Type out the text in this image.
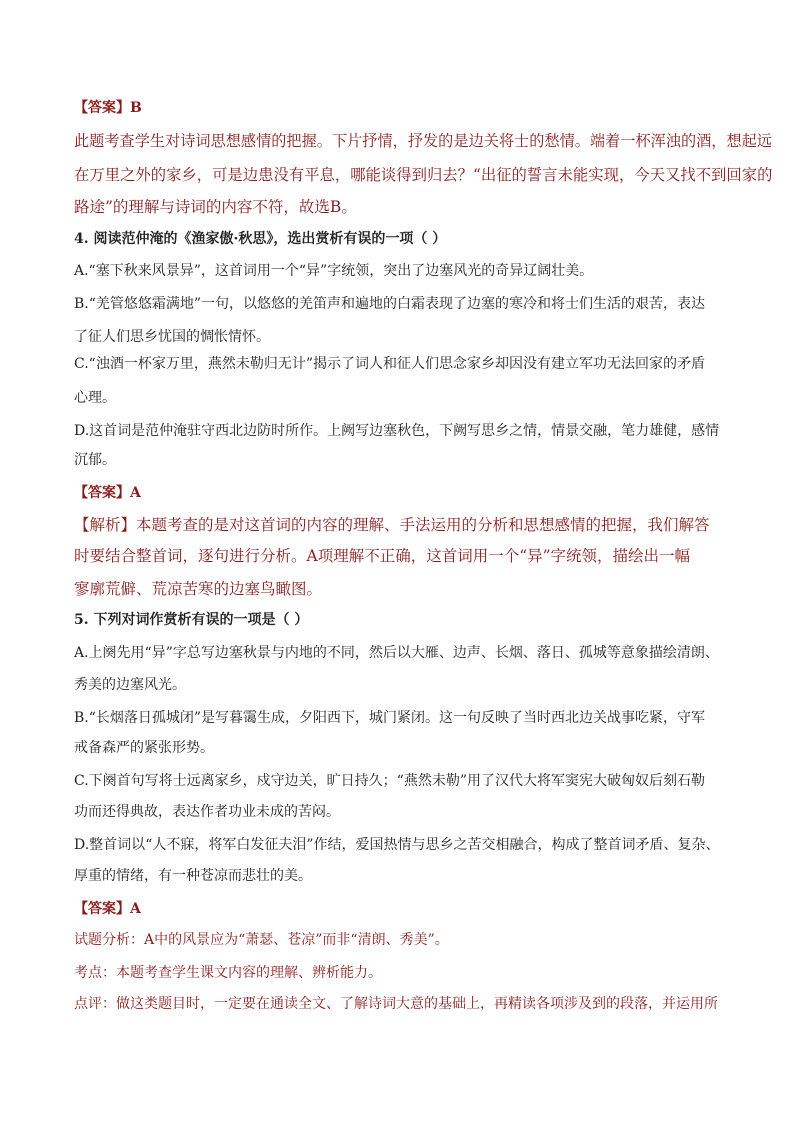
【答案】B
此题考查学生对诗词思想感情的把握。下片抒情，抒发的是边关将士的愁情。端着一杯浑浊的酒，想起远
在万里之外的家乡，可是边患没有平息，哪能谈得到归去？“出征的誓言未能实现，今天又找不到回家的
路途”的理解与诗词的内容不符，故选B。
4. 阅读范仲淹的《渔家傲·秋思》，选出赏析有误的一项（ ）
A.“塞下秋来风景异”，这首词用一个“异”字统领，突出了边塞风光的奇异辽阔壮美。
B.“羌管悠悠霜满地”一句，以悠悠的羌笛声和遍地的白霜表现了边塞的寒冷和将士们生活的艰苦，表达
了征人们思乡忧国的惆怅情怀。
C.“浊酒一杯家万里，燕然未勒归无计”揭示了词人和征人们思念家乡却因没有建立军功无法回家的矛盾
心理。
D.这首词是范仲淹驻守西北边防时所作。上阙写边塞秋色，下阙写思乡之情，情景交融，笔力雄健，感情
沉郁。
【答案】A
【解析】本题考查的是对这首词的内容的理解、手法运用的分析和思想感情的把握，我们解答
时要结合整首词，逐句进行分析。A项理解不正确，这首词用一个“异”字统领，描绘出一幅
寥廓荒僻、荒凉苦寒的边塞鸟瞰图。
5. 下列对词作赏析有误的一项是（ ）
A.上阕先用“异”字总写边塞秋景与内地的不同，然后以大雁、边声、长烟、落日、孤城等意象描绘清朗、
秀美的边塞风光。
B.“长烟落日孤城闭”是写暮霭生成，夕阳西下，城门紧闭。这一句反映了当时西北边关战事吃紧，守军
戒备森严的紧张形势。
C.下阕首句写将士远离家乡，戍守边关，旷日持久；“燕然未勒”用了汉代大将军窦宪大破匈奴后刻石勒
功而还得典故，表达作者功业未成的苦闷。
D.整首词以“人不寐，将军白发征夫泪”作结，爱国热情与思乡之苦交相融合，构成了整首词矛盾、复杂、
厚重的情绪，有一种苍凉而悲壮的美。
【答案】A
试题分析：A中的风景应为“萧瑟、苍凉”而非“清朗、秀美”。
考点：本题考查学生课文内容的理解、辨析能力。
点评：做这类题目时，一定要在通读全文、了解诗词大意的基础上，再精读各项涉及到的段落，并运用所
